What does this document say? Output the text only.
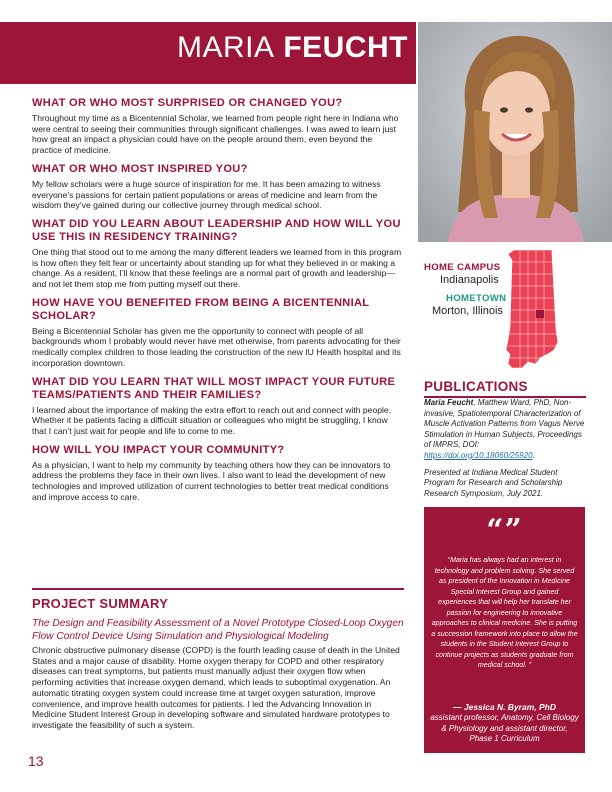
MARIA FEUCHT
WHAT OR WHO MOST SURPRISED OR CHANGED YOU?
Throughout my time as a Bicentennial Scholar, we learned from people right here in Indiana who were central to seeing their communities through significant challenges. I was awed to learn just how great an impact a physician could have on the people around them, even beyond the practice of medicine.
WHAT OR WHO MOST INSPIRED YOU?
My fellow scholars were a huge source of inspiration for me. It has been amazing to witness everyone’s passions for certain patient populations or areas of medicine and learn from the wisdom they’ve gained during our collective journey through medical school.
WHAT DID YOU LEARN ABOUT LEADERSHIP AND HOW WILL YOU USE THIS IN RESIDENCY TRAINING?
One thing that stood out to me among the many different leaders we learned from in this program is how often they felt fear or uncertainty about standing up for what they believed in or making a change. As a resident, I’ll know that these feelings are a normal part of growth and leadership—and not let them stop me from putting myself out there.
HOW HAVE YOU BENEFITED FROM BEING A BICENTENNIAL SCHOLAR?
Being a Bicentennial Scholar has given me the opportunity to connect with people of all backgrounds whom I probably would never have met otherwise, from parents advocating for their medically complex children to those leading the construction of the new IU Health hospital and its incorporation downtown.
WHAT DID YOU LEARN THAT WILL MOST IMPACT YOUR FUTURE TEAMS/PATIENTS AND THEIR FAMILIES?
I learned about the importance of making the extra effort to reach out and connect with people. Whether it be patients facing a difficult situation or colleagues who might be struggling, I know that I can’t just wait for people and life to come to me.
HOW WILL YOU IMPACT YOUR COMMUNITY?
As a physician, I want to help my community by teaching others how they can be innovators to address the problems they face in their own lives. I also want to lead the development of new technologies and improved utilization of current technologies to better treat medical conditions and improve access to care.
HOME CAMPUS
Indianapolis
HOMETOWN
Morton, Illinois
PUBLICATIONS
Maria Feucht, Matthew Ward, PhD, Non-invasive, Spatiotemporal Characterization of Muscle Activation Patterns from Vagus Nerve Stimulation in Human Subjects, Proceedings of IMPRS, DOI: https://doi.org/10.18060/25920.
Presented at Indiana Medical Student Program for Research and Scholarship Research Symposium, July 2021.
“”
“Maria has always had an interest in technology and problem solving. She served as president of the Innovation in Medicine Special Interest Group and gained experiences that will help her translate her passion for engineering to innovative approaches to clinical medicine. She is putting a succession framework into place to allow the students in the Student Interest Group to continue projects as students graduate from medical school. ”
— Jessica N. Byram, PhD
assistant professor, Anatomy, Cell Biology & Physiology and assistant director, Phase 1 Curriculum
PROJECT SUMMARY
The Design and Feasibility Assessment of a Novel Prototype Closed-Loop Oxygen Flow Control Device Using Simulation and Physiological Modeling
Chronic obstructive pulmonary disease (COPD) is the fourth leading cause of death in the United States and a major cause of disability. Home oxygen therapy for COPD and other respiratory diseases can treat symptoms, but patients must manually adjust their oxygen flow when performing activities that increase oxygen demand, which leads to suboptimal oxygenation. An automatic titrating oxygen system could increase time at target oxygen saturation, improve convenience, and improve health outcomes for patients. I led the Advancing Innovation in Medicine Student Interest Group in developing software and simulated hardware prototypes to investigate the feasibility of such a system.
13
